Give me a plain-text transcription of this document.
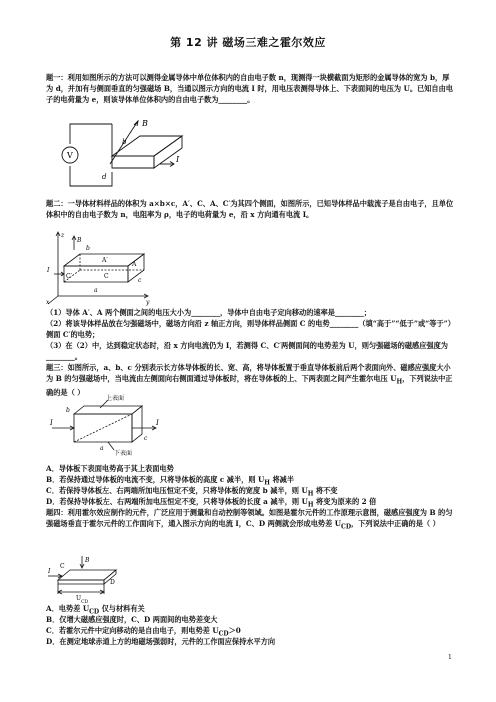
第 12 讲 磁场三难之霍尔效应
题一：利用如图所示的方法可以测得金属导体中单位体积内的自由电子数 n，现测得一块横截面为矩形的金属导体的宽为 b，厚为 d，并加有与侧面垂直的匀强磁场 B，当通以图示方向的电流 I 时，用电压表测得导体上、下表面间的电压为 U。已知自由电子的电荷量为 e，则该导体单位体积内的自由电子数为________。
V
B
b
I
d
题二：一导体材料样品的体积为 a×b×c，A′、C、A、C′为其四个侧面，如图所示，已知导体样品中载流子是自由电子，且单位体积中的自由电子数为 n，电阻率为 ρ，电子的电荷量为 e，沿 x 方向通有电流 I。
z
B
b
A′
C′	C
A
I
a
c
x	y
（1）导体 A′、A 两个侧面之间的电压大小为________，导体中自由电子定向移动的速率是________；
（2）将该导体样品放在匀强磁场中，磁场方向沿 z 轴正方向，则导体样品侧面 C 的电势________（填“高于”“低于”或“等于”）侧面 C′的电势；
（3）在（2）中，达到稳定状态时，沿 x 方向电流仍为 I，若测得 C、C′两侧面间的电势差为 U，则匀强磁场的磁感应强度为________。
题三：如图所示，a、b、c 分别表示长方体导体板的长、宽、高，将导体板置于垂直导体板前后两个表面向外、磁感应强度大小为 B 的匀强磁场中，当电流由左侧面向右侧面通过导体板时，将在导体板的上、下两表面之间产生霍尔电压 $U_H$，下列说法中正确的是（ ）
上表面
下表面
I	I
b
a
c
A．导体板下表面电势高于其上表面电势
B．若保持通过导体板的电流不变，只将导体板的高度 c 减半，则 $U_H$ 将减半
C．若保持导体板左、右两端所加电压恒定不变，只将导体板的宽度 b 减半，则 $U_H$ 将不变
D．若保持导体板左、右两端所加电压恒定不变，只将导体板的长度 a 减半，则 $U_H$ 将变为原来的 2 倍
题四：利用霍尔效应制作的元件，广泛应用于测量和自动控制等领域。如图是霍尔元件的工作原理示意图，磁感应强度为 B 的匀强磁场垂直于霍尔元件的工作面向下，通入图示方向的电流 I，C、D 两侧就会形成电势差 $U_{CD}$，下列说法中正确的是（ ）
B
I
C
D
$U_{CD}$
A．电势差 $U_{CD}$ 仅与材料有关
B．仅增大磁感应强度时，C、D 两面间的电势差变大
C．若霍尔元件中定向移动的是自由电子，则电势差 $U_{CD}>0$
D．在测定地球赤道上方的地磁场强弱时，元件的工作面应保持水平方向
1
